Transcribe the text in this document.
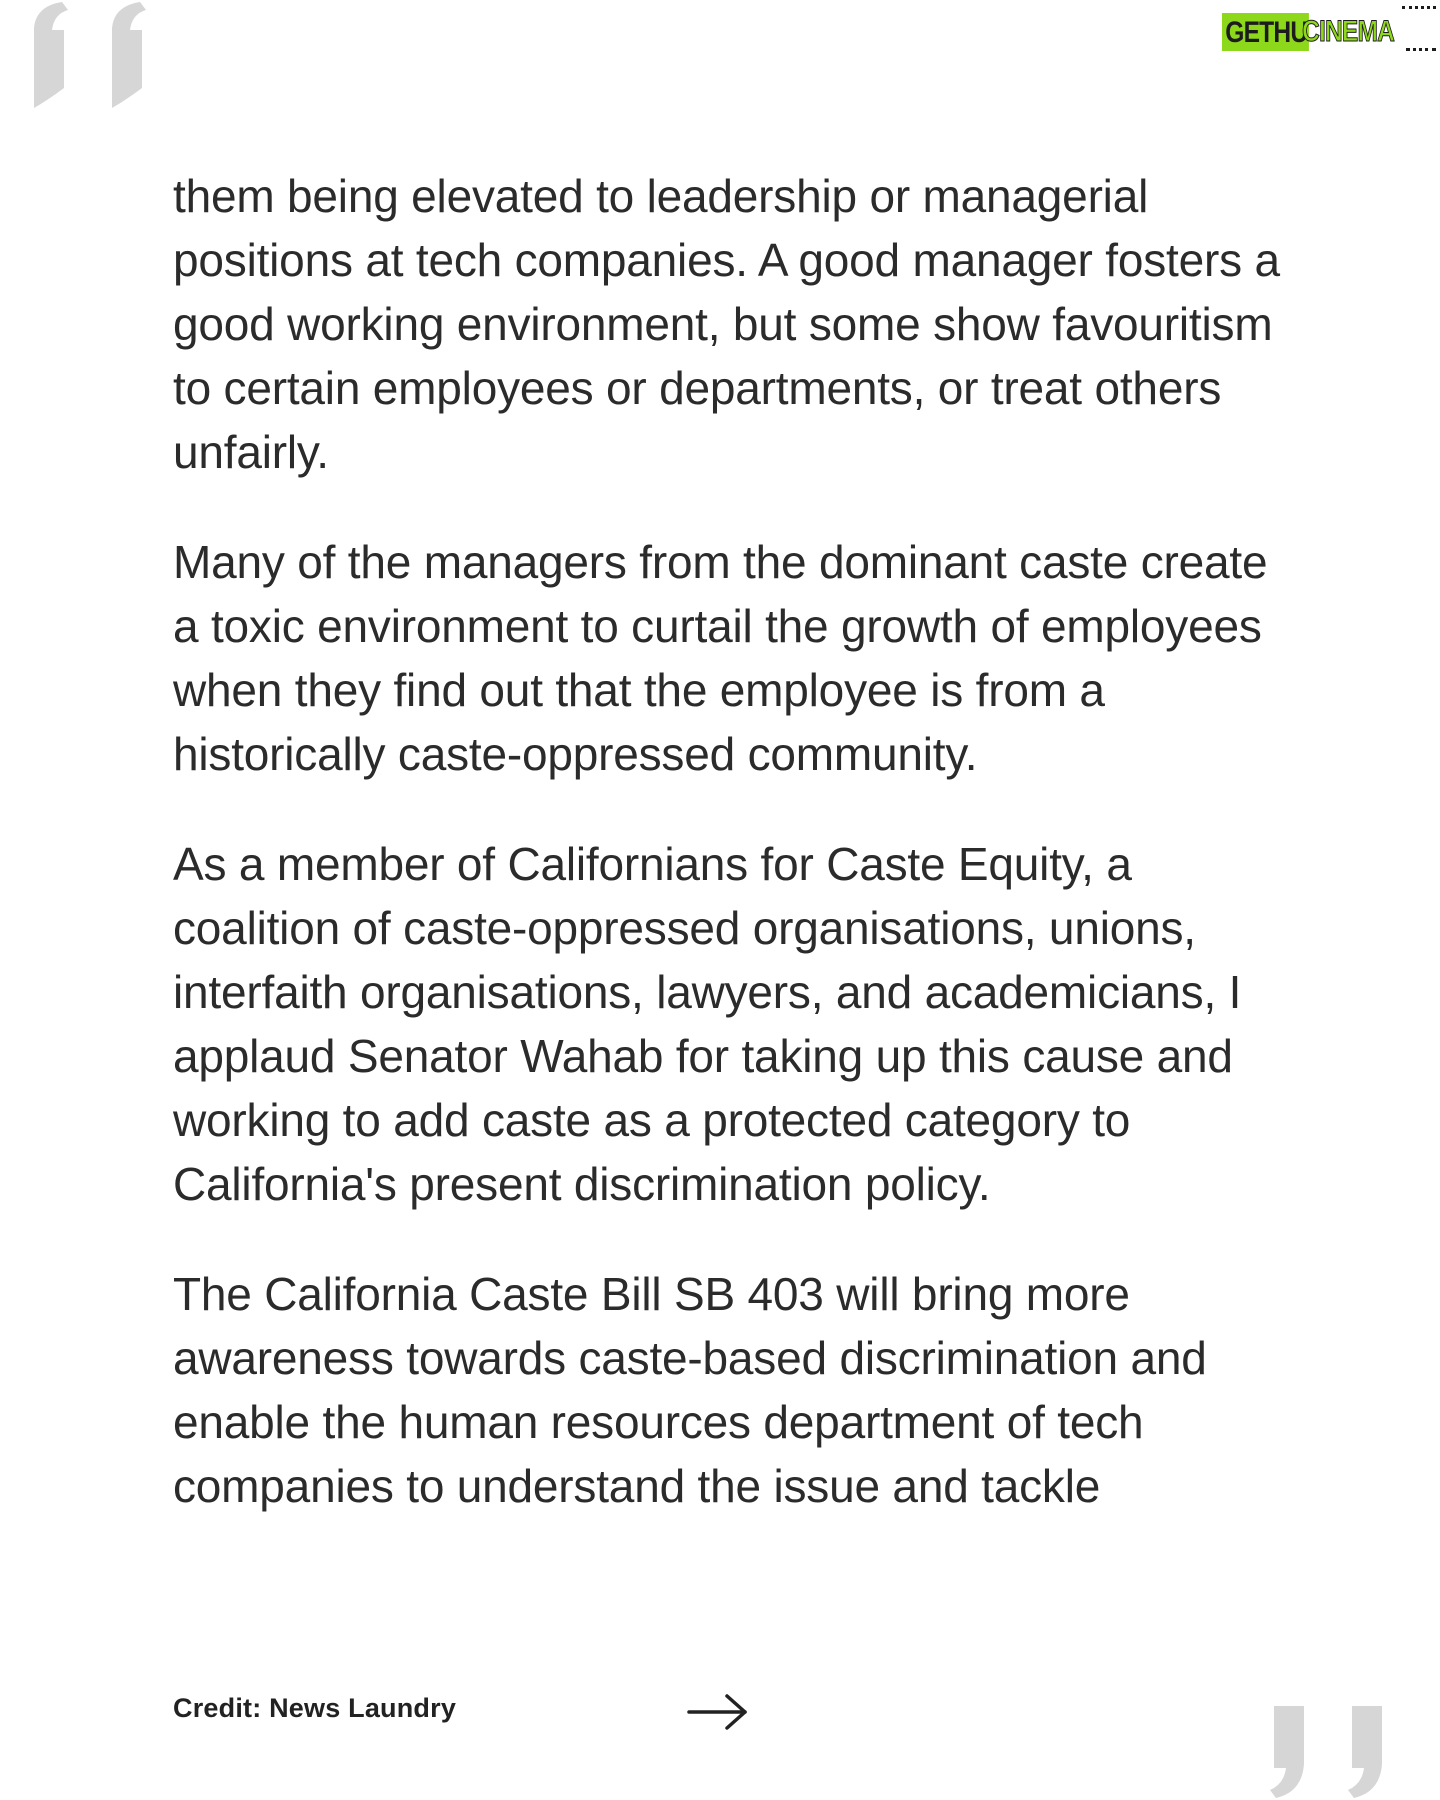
GETHU
CINEMA

them being elevated to leadership or managerial positions at tech companies. A good manager fosters a good working environment, but some show favouritism to certain employees or departments, or treat others unfairly.

Many of the managers from the dominant caste create a toxic environment to curtail the growth of employees when they find out that the employee is from a historically caste-oppressed community.

As a member of Californians for Caste Equity, a coalition of caste-oppressed organisations, unions, interfaith organisations, lawyers, and academicians, I applaud Senator Wahab for taking up this cause and working to add caste as a protected category to California's present discrimination policy.

The California Caste Bill SB 403 will bring more awareness towards caste-based discrimination and enable the human resources department of tech companies to understand the issue and tackle

Credit: News Laundry
